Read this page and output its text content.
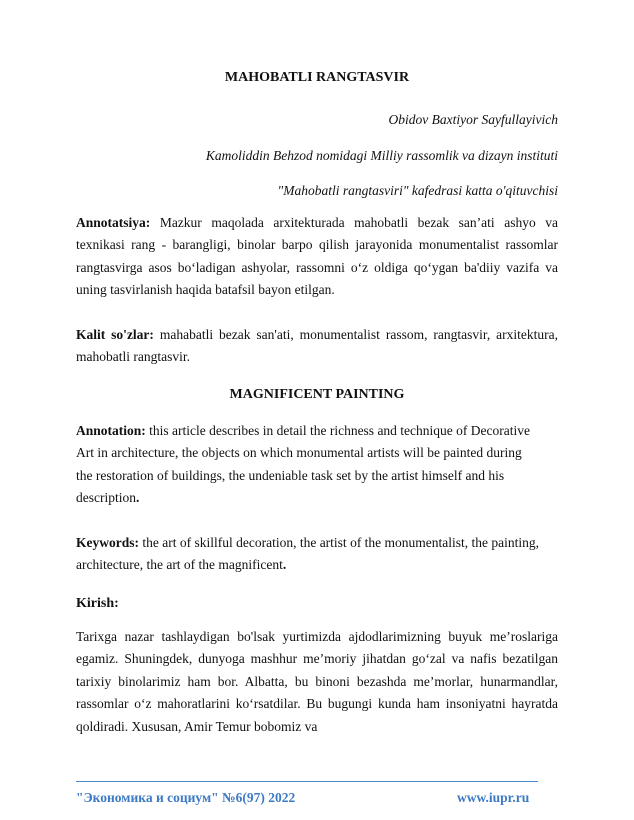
MAHOBATLI RANGTASVIR
Obidov Baxtiyor Sayfullayivich
Kamoliddin Behzod nomidagi Milliy rassomlik va dizayn instituti
"Mahobatli rangtasviri" kafedrasi katta o'qituvchisi
Annotatsiya: Mazkur maqolada arxitekturada mahobatli bezak san’ati ashyo va texnikasi rang - barangligi, binolar barpo qilish jarayonida monumentalist rassomlar rangtasvirga asos bo‘ladigan ashyolar, rassomni o‘z oldiga qo‘ygan ba'diiy vazifa va uning tasvirlanish haqida batafsil bayon etilgan.
Kalit so'zlar: mahabatli bezak san'ati, monumentalist rassom, rangtasvir, arxitektura, mahobatli rangtasvir.
MAGNIFICENT PAINTING
Annotation: this article describes in detail the richness and technique of Decorative Art in architecture, the objects on which monumental artists will be painted during the restoration of buildings, the undeniable task set by the artist himself and his description.
Keywords: the art of skillful decoration, the artist of the monumentalist, the painting, architecture, the art of the magnificent.
Kirish:
Tarixga nazar tashlaydigan bo'lsak yurtimizda ajdodlarimizning buyuk me’roslariga egamiz. Shuningdek, dunyoga mashhur me’moriy jihatdan go‘zal va nafis bezatilgan tarixiy binolarimiz ham bor. Albatta, bu binoni bezashda me’morlar, hunarmandlar, rassomlar o‘z mahoratlarini ko‘rsatdilar. Bu bugungi kunda ham insoniyatni hayratda qoldiradi. Xususan, Amir Temur bobomiz va
"Экономика и социум" №6(97) 2022	www.iupr.ru
